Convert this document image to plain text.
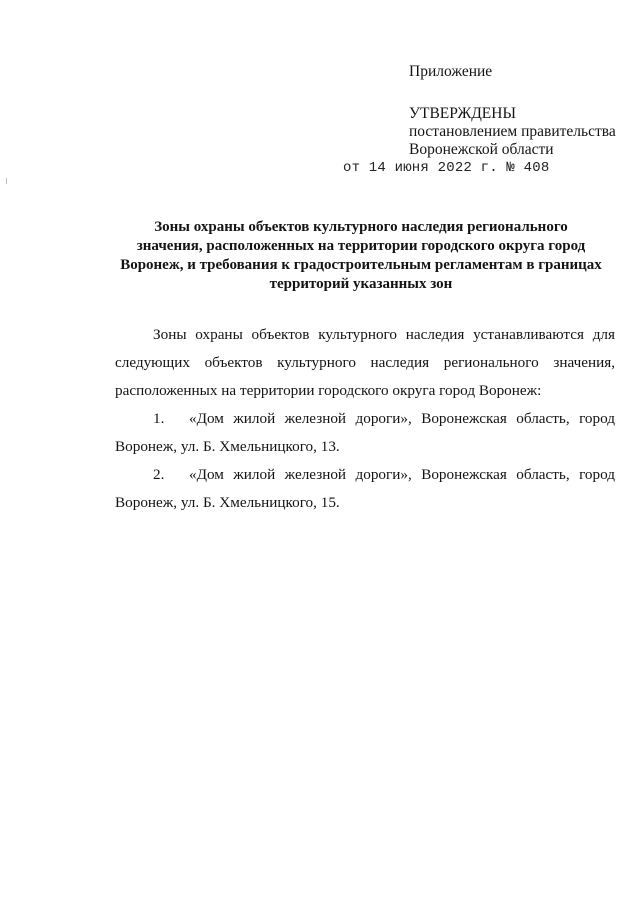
Приложение
УТВЕРЖДЕНЫ
постановлением правительства
Воронежской области
от 14 июня 2022 г. № 408
Зоны охраны объектов культурного наследия регионального
значения, расположенных на территории городского округа город
Воронеж, и требования к градостроительным регламентам в границах
территорий указанных зон

Зоны охраны объектов культурного наследия устанавливаются для
следующих объектов культурного наследия регионального значения,
расположенных на территории городского округа город Воронеж:

1. «Дом жилой железной дороги», Воронежская область, город
Воронеж, ул. Б. Хмельницкого, 13.

2. «Дом жилой железной дороги», Воронежская область, город
Воронеж, ул. Б. Хмельницкого, 15.
